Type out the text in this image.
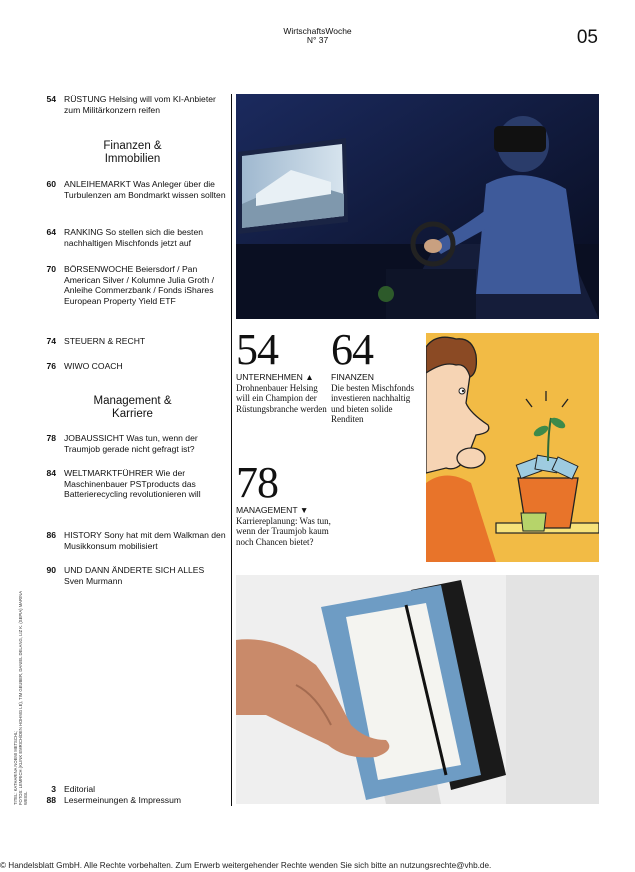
WirtschaftsWoche
N° 37	05
54 RÜSTUNG Helsing will vom KI-Anbieter zum Militärkonzern reifen
Finanzen &
Immobilien
60 ANLEIHEMARKT Was Anleger über die Turbulenzen am Bondmarkt wissen sollten
64 RANKING So stellen sich die besten nachhaltigen Mischfonds jetzt auf
70 BÖRSENWOCHE Beiersdorf / Pan American Silver / Kolumne Julia Groth / Anleihe Commerzbank / Fonds iShares European Property Yield ETF
74 STEUERN & RECHT
76 WIWO COACH
Management &
Karriere
78 JOBAUSSICHT Was tun, wenn der Traumjob gerade nicht gefragt ist?
84 WELTMARKTFÜHRER Wie der Maschinenbauer PSTproducts das Batterierecycling revolutionieren will
86 HISTORY Sony hat mit dem Walkman den Musikkonsum mobilisiert
90 UND DANN ÄNDERTE SICH ALLES Sven Murmann
TITEL: KATHARINA NOEMI METSCHL; FOTOS: LEMRICH (KLINK EMRICH/DEN HOHMG LE), TIM GEUBER, DANIEL DELANG, LIZ K. (SEPIA) MARINA WEIGL
3 Editorial
88 Lesermeinungen & Impressum
54
UNTERNEHMEN ▲
Drohnenbauer Helsing will ein Champion der Rüstungsbranche werden
64
FINANZEN
Die besten Mischfonds investieren nachhaltig und bieten solide Renditen
78
MANAGEMENT ▼
Karriereplanung: Was tun, wenn der Traumjob kaum noch Chancen bietet?
© Handelsblatt GmbH. Alle Rechte vorbehalten. Zum Erwerb weitergehender Rechte wenden Sie sich bitte an nutzungsrechte@vhb.de.
